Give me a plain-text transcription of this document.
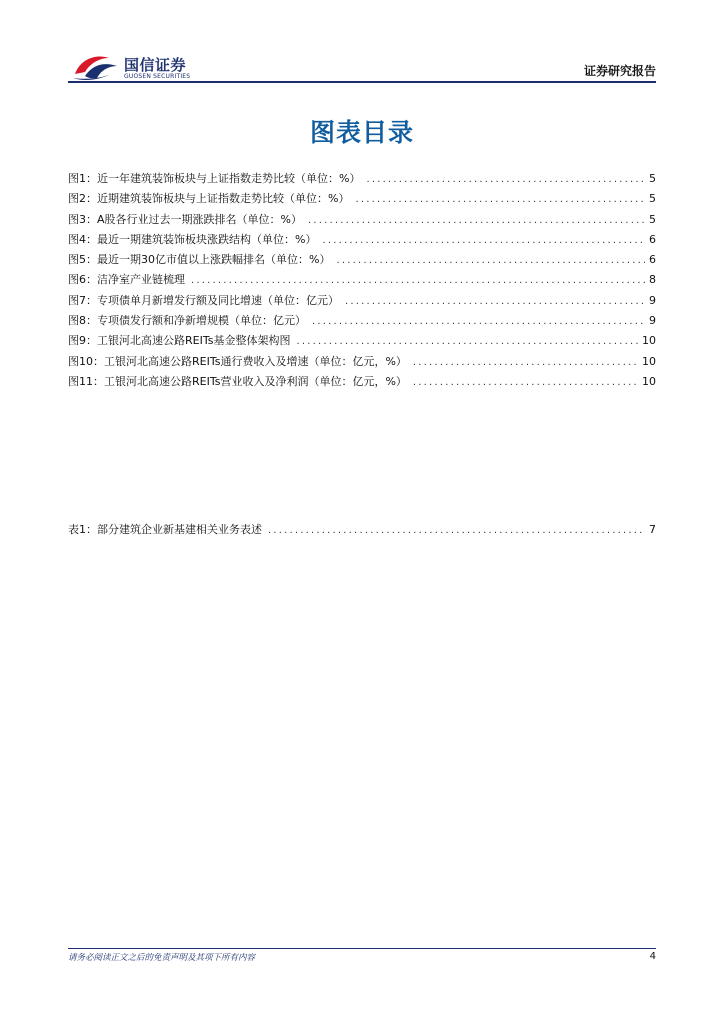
国信证券
GUOSEN SECURITIES	证券研究报告
图表目录
图1： 近一年建筑装饰板块与上证指数走势比较（单位：%） .....	5
图2： 近期建筑装饰板块与上证指数走势比较（单位：%） .....	5
图3： A股各行业过去一期涨跌排名（单位：%） .....	5
图4： 最近一期建筑装饰板块涨跌结构（单位：%） .....	6
图5： 最近一期30亿市值以上涨跌幅排名（单位：%） .....	6
图6： 洁净室产业链梳理 .....	8
图7： 专项债单月新增发行额及同比增速（单位：亿元） .....	9
图8： 专项债发行额和净新增规模（单位：亿元） .....	9
图9： 工银河北高速公路REITs基金整体架构图 .....	10
图10： 工银河北高速公路REITs通行费收入及增速（单位：亿元，%） .....	10
图11： 工银河北高速公路REITs营业收入及净利润（单位：亿元，%） .....	10
表1： 部分建筑企业新基建相关业务表述 .....	7
请务必阅读正文之后的免责声明及其项下所有内容	4
